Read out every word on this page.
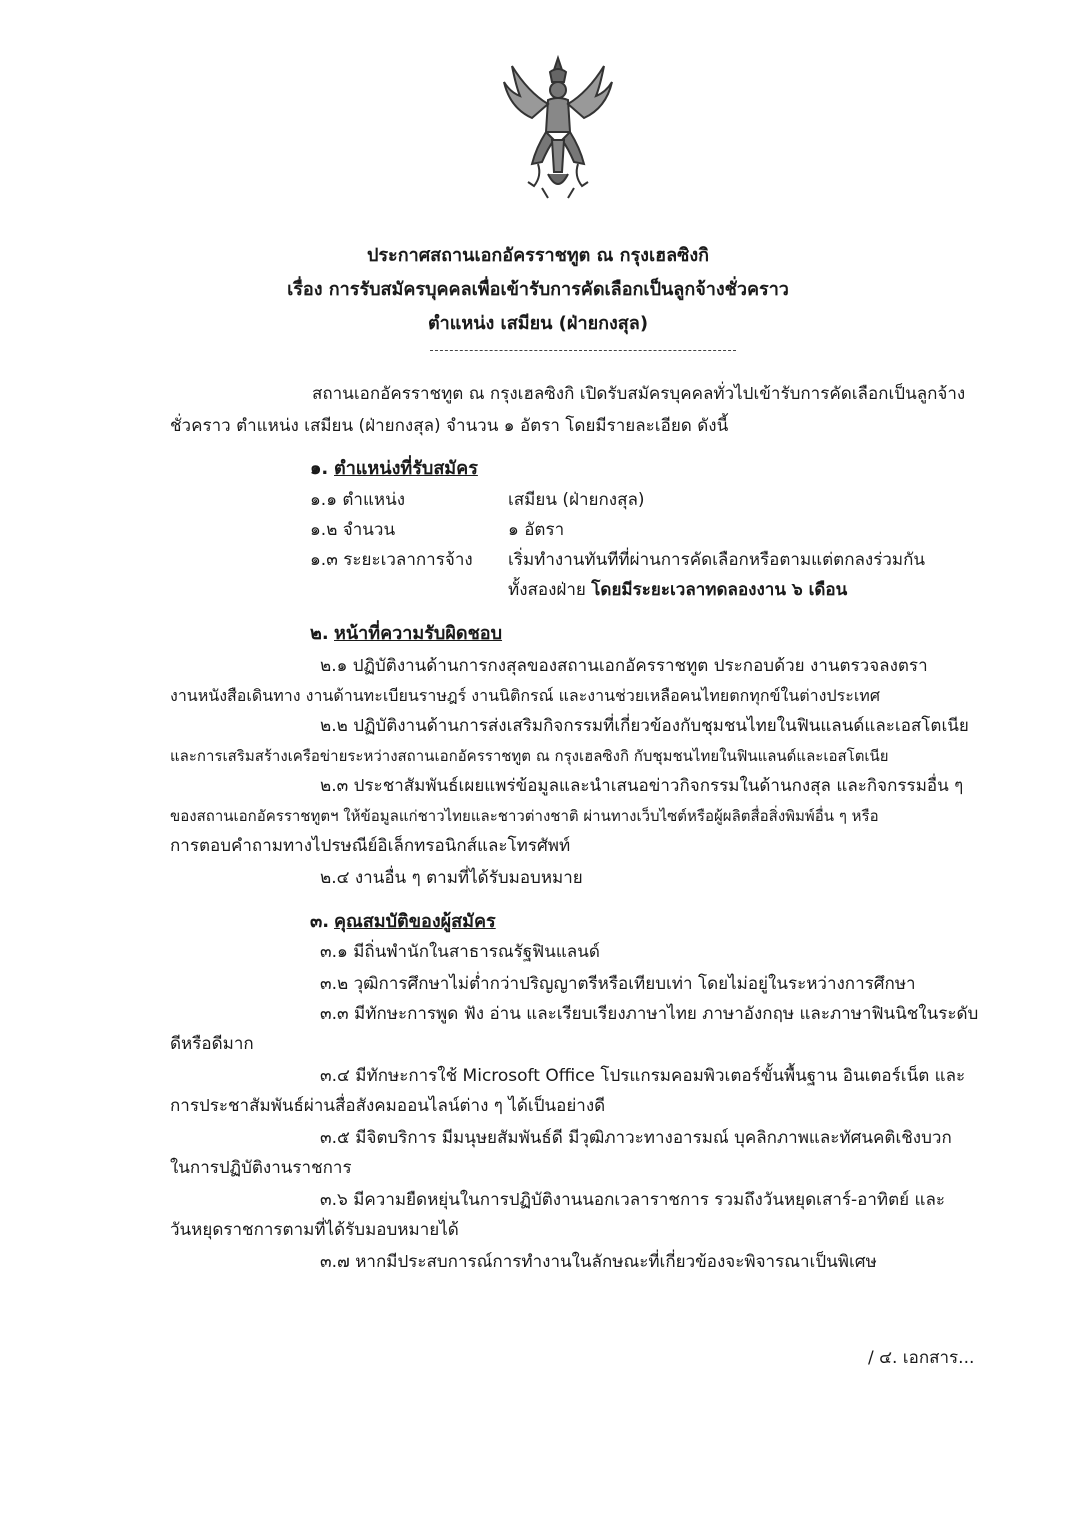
ประกาศสถานเอกอัครราชทูต ณ กรุงเฮลซิงกิ
เรื่อง การรับสมัครบุคคลเพื่อเข้ารับการคัดเลือกเป็นลูกจ้างชั่วคราว
ตำแหน่ง เสมียน (ฝ่ายกงสุล)
สถานเอกอัครราชทูต ณ กรุงเฮลซิงกิ เปิดรับสมัครบุคคลทั่วไปเข้ารับการคัดเลือกเป็นลูกจ้าง
ชั่วคราว ตำแหน่ง เสมียน (ฝ่ายกงสุล) จำนวน ๑ อัตรา โดยมีรายละเอียด ดังนี้
๑. ตำแหน่งที่รับสมัคร
๑.๑ ตำแหน่ง	เสมียน (ฝ่ายกงสุล)
๑.๒ จำนวน	๑ อัตรา
๑.๓ ระยะเวลาการจ้าง เริ่มทำงานทันทีที่ผ่านการคัดเลือกหรือตามแต่ตกลงร่วมกัน
ทั้งสองฝ่าย โดยมีระยะเวลาทดลองงาน ๖ เดือน
๒. หน้าที่ความรับผิดชอบ
๒.๑ ปฏิบัติงานด้านการกงสุลของสถานเอกอัครราชทูต ประกอบด้วย งานตรวจลงตรา
งานหนังสือเดินทาง งานด้านทะเบียนราษฎร์ งานนิติกรณ์ และงานช่วยเหลือคนไทยตกทุกข์ในต่างประเทศ
๒.๒ ปฏิบัติงานด้านการส่งเสริมกิจกรรมที่เกี่ยวข้องกับชุมชนไทยในฟินแลนด์และเอสโตเนีย
และการเสริมสร้างเครือข่ายระหว่างสถานเอกอัครราชทูต ณ กรุงเฮลซิงกิ กับชุมชนไทยในฟินแลนด์และเอสโตเนีย
๒.๓ ประชาสัมพันธ์เผยแพร่ข้อมูลและนำเสนอข่าวกิจกรรมในด้านกงสุล และกิจกรรมอื่น ๆ
ของสถานเอกอัครราชทูตฯ ให้ข้อมูลแก่ชาวไทยและชาวต่างชาติ ผ่านทางเว็บไซต์หรือผู้ผลิตสื่อสิ่งพิมพ์อื่น ๆ หรือ
การตอบคำถามทางไปรษณีย์อิเล็กทรอนิกส์และโทรศัพท์
๒.๔ งานอื่น ๆ ตามที่ได้รับมอบหมาย
๓. คุณสมบัติของผู้สมัคร
๓.๑ มีถิ่นพำนักในสาธารณรัฐฟินแลนด์
๓.๒ วุฒิการศึกษาไม่ต่ำกว่าปริญญาตรีหรือเทียบเท่า โดยไม่อยู่ในระหว่างการศึกษา
๓.๓ มีทักษะการพูด ฟัง อ่าน และเรียบเรียงภาษาไทย ภาษาอังกฤษ และภาษาฟินนิชในระดับ
ดีหรือดีมาก
๓.๔ มีทักษะการใช้ Microsoft Office โปรแกรมคอมพิวเตอร์ขั้นพื้นฐาน อินเตอร์เน็ต และ
การประชาสัมพันธ์ผ่านสื่อสังคมออนไลน์ต่าง ๆ ได้เป็นอย่างดี
๓.๕ มีจิตบริการ มีมนุษยสัมพันธ์ดี มีวุฒิภาวะทางอารมณ์ บุคลิกภาพและทัศนคติเชิงบวก
ในการปฏิบัติงานราชการ
๓.๖ มีความยืดหยุ่นในการปฏิบัติงานนอกเวลาราชการ รวมถึงวันหยุดเสาร์-อาทิตย์ และ
วันหยุดราชการตามที่ได้รับมอบหมายได้
๓.๗ หากมีประสบการณ์การทำงานในลักษณะที่เกี่ยวข้องจะพิจารณาเป็นพิเศษ
/ ๔. เอกสาร...
